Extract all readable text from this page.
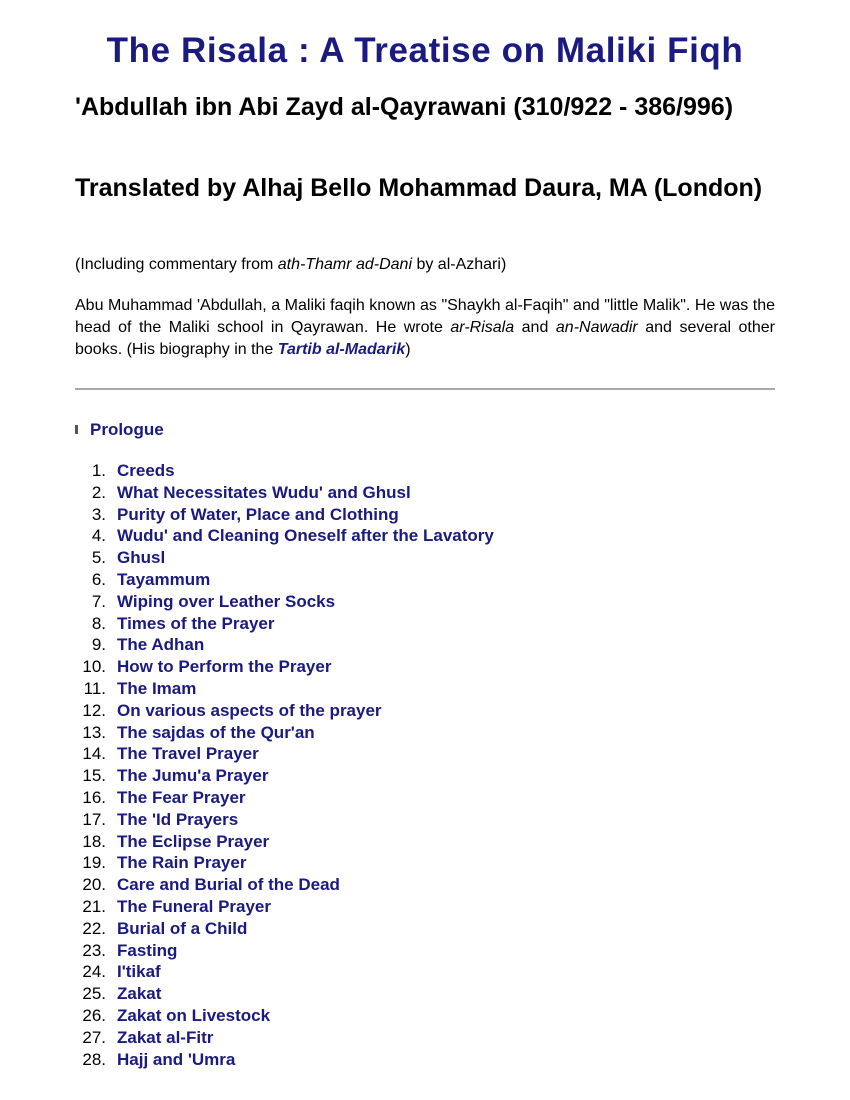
The Risala : A Treatise on Maliki Fiqh
'Abdullah ibn Abi Zayd al-Qayrawani (310/922 - 386/996)
Translated by Alhaj Bello Mohammad Daura, MA (London)

(Including commentary from ath-Thamr ad-Dani by al-Azhari)

Abu Muhammad 'Abdullah, a Maliki faqih known as "Shaykh al-Faqih" and "little Malik". He was the head of the Maliki school in Qayrawan. He wrote ar-Risala and an-Nawadir and several other books. (His biography in the Tartib al-Madarik)

Prologue
1. Creeds
2. What Necessitates Wudu' and Ghusl
3. Purity of Water, Place and Clothing
4. Wudu' and Cleaning Oneself after the Lavatory
5. Ghusl
6. Tayammum
7. Wiping over Leather Socks
8. Times of the Prayer
9. The Adhan
10. How to Perform the Prayer
11. The Imam
12. On various aspects of the prayer
13. The sajdas of the Qur'an
14. The Travel Prayer
15. The Jumu'a Prayer
16. The Fear Prayer
17. The 'Id Prayers
18. The Eclipse Prayer
19. The Rain Prayer
20. Care and Burial of the Dead
21. The Funeral Prayer
22. Burial of a Child
23. Fasting
24. I'tikaf
25. Zakat
26. Zakat on Livestock
27. Zakat al-Fitr
28. Hajj and 'Umra
